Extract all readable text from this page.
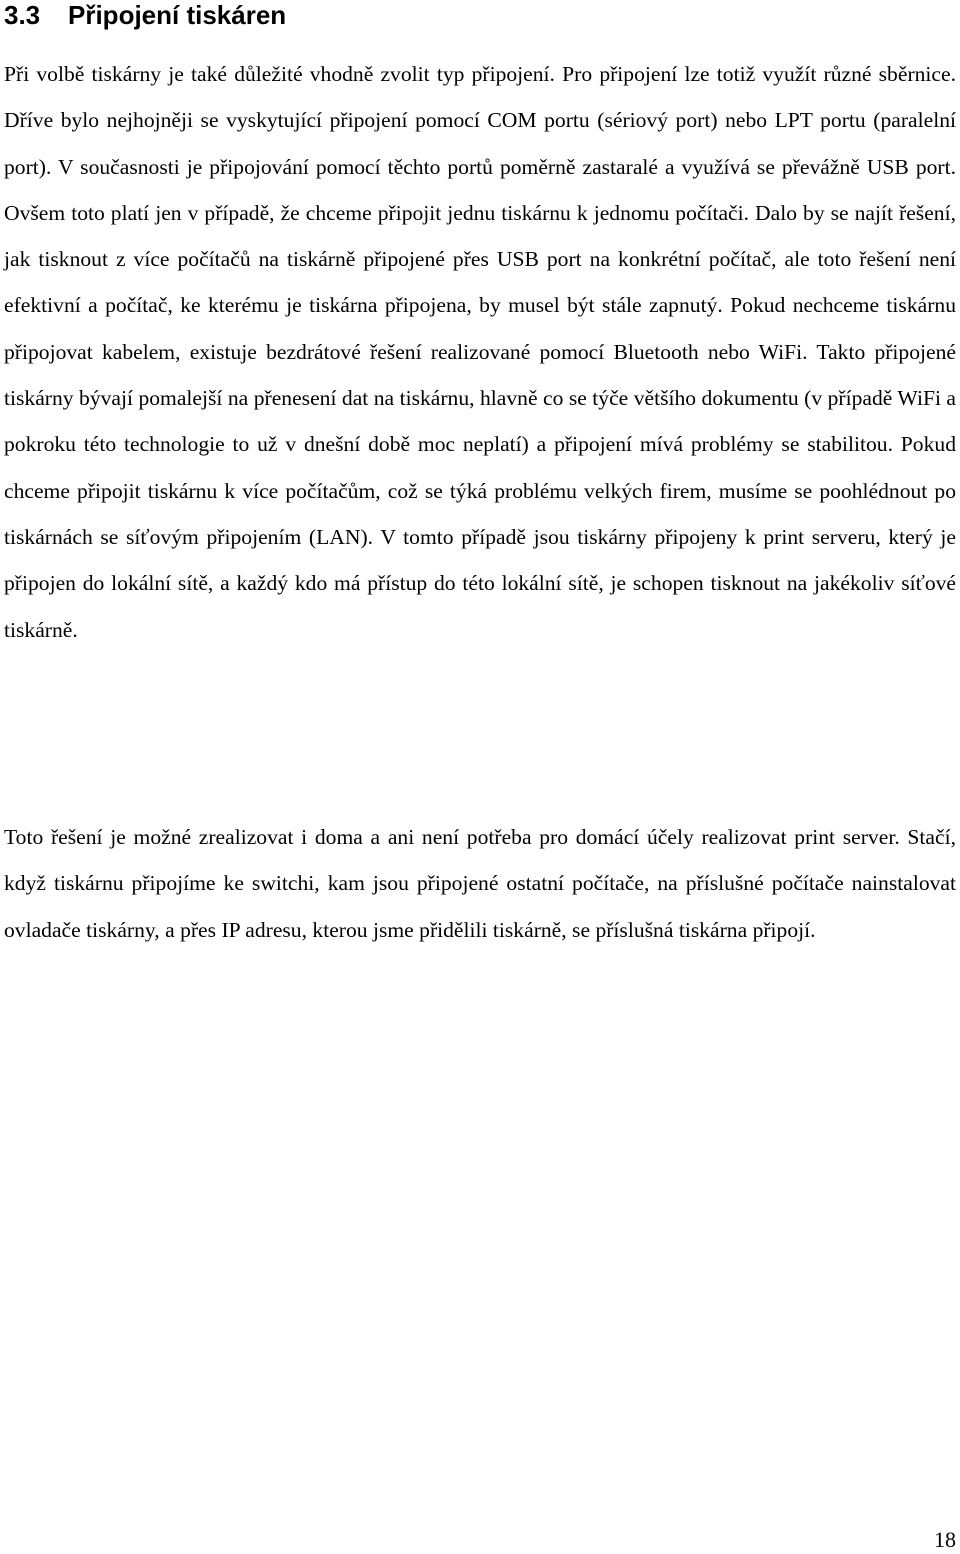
3.3 Připojení tiskáren

Při volbě tiskárny je také důležité vhodně zvolit typ připojení. Pro připojení lze totiž využít různé sběrnice. Dříve bylo nejhojněji se vyskytující připojení pomocí COM portu (sériový port) nebo LPT portu (paralelní port). V současnosti je připojování pomocí těchto portů poměrně zastaralé a využívá se převážně USB port. Ovšem toto platí jen v případě, že chceme připojit jednu tiskárnu k jednomu počítači. Dalo by se najít řešení, jak tisknout z více počítačů na tiskárně připojené přes USB port na konkrétní počítač, ale toto řešení není efektivní a počítač, ke kterému je tiskárna připojena, by musel být stále zapnutý. Pokud nechceme tiskárnu připojovat kabelem, existuje bezdrátové řešení realizované pomocí Bluetooth nebo WiFi. Takto připojené tiskárny bývají pomalejší na přenesení dat na tiskárnu, hlavně co se týče většího dokumentu (v případě WiFi a pokroku této technologie to už v dnešní době moc neplatí) a připojení mívá problémy se stabilitou. Pokud chceme připojit tiskárnu k více počítačům, což se týká problému velkých firem, musíme se poohlédnout po tiskárnách se síťovým připojením (LAN). V tomto případě jsou tiskárny připojeny k print serveru, který je připojen do lokální sítě, a každý kdo má přístup do této lokální sítě, je schopen tisknout na jakékoliv síťové tiskárně.

Toto řešení je možné zrealizovat i doma a ani není potřeba pro domácí účely realizovat print server. Stačí, když tiskárnu připojíme ke switchi, kam jsou připojené ostatní počítače, na příslušné počítače nainstalovat ovladače tiskárny, a přes IP adresu, kterou jsme přidělili tiskárně, se příslušná tiskárna připojí.

18
